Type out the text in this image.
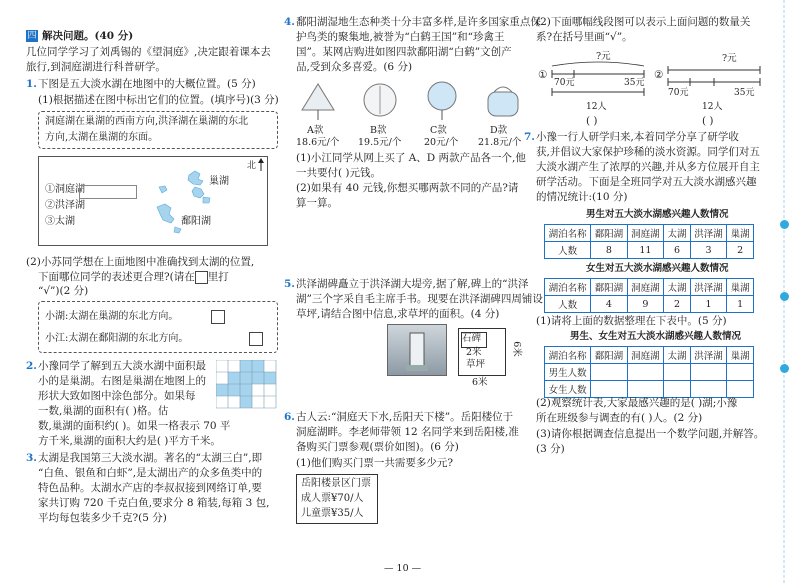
四 解决问题。(40 分)
几位同学学习了刘禹锡的《望洞庭》,决定跟着课本去
旅行,到洞庭湖进行科普研学。
1. 下图是五大淡水湖在地图中的大概位置。(5 分)
(1)根据描述在图中标出它们的位置。(填序号)(3 分)
洞庭湖在巢湖的西南方向,洪泽湖在巢湖的东北
方向,太湖在巢湖的东面。
北
巢湖
鄱阳湖
①洞庭湖
②洪泽湖
③太湖
(2)小苏同学想在上面地图中准确找到太湖的位置,
下面哪位同学的表述更合理?(请在 里打
“√”)(2 分)
小湖:太湖在巢湖的东北方向。
小江:太湖在鄱阳湖的东北方向。
2. 小豫同学了解到五大淡水湖中面积最
小的是巢湖。右图是巢湖在地图上的
形状大致如图中涂色部分。如果每
一数,巢湖的面积有( )格。估
数,巢湖的面积约( )。如果一格表示 70 平
方千米,巢湖的面积大约是( )平方千米。
3. 太湖是我国第三大淡水湖。著名的“太湖三白”,即
“白鱼、银鱼和白虾”,是太湖出产的众多鱼类中的
特色品种。太湖水产店的李叔叔接到网络订单,要
家共订购 720 千克白鱼,要求分 8 箱装,每箱 3 包,
平均每包装多少千克?(5 分)
4. 鄱阳湖湿地生态种类十分丰富多样,是许多国家重点保
护鸟类的聚集地,被誉为“白鹤王国”和“珍禽王
国”。某网店购进如图四款鄱阳湖“白鹤”文创产
品,受到众多喜爱。(6 分)
A款
18.6元/个
B款
19.5元/个
C款
20元/个
D款
21.8元/个
(1)小江同学从网上买了 A、D 两款产品各一个,他
一共要付( )元钱。
(2)如果有 40 元钱,你想买哪两款不同的产品?请
算一算。
5. 洪泽湖碑矗立于洪泽湖大堤旁,据了解,碑上的“洪泽
湖”三个字采自毛主席手书。现要在洪泽湖碑四周铺设
草坪,请结合图中信息,求草坪的面积。(4 分)
石碑
2米
草坪
6米
6米
6. 古人云:“洞庭天下水,岳阳天下楼”。岳阳楼位于
洞庭湖畔。李老师带领 12 名同学来到岳阳楼,准
备购买门票参观(票价如图)。(6 分)
(1)他们购买门票一共需要多少元?
岳阳楼景区门票
成人票¥70/人
儿童票¥35/人
(2)下面哪幅线段图可以表示上面问题的数量关
系?在括号里画“√”。
①
?元
70元	35元
12人
( )
②
?元
70元	35元
12人
( )
7. 小豫一行人研学归来,本着同学分享了研学收
获,并倡议大家保护珍稀的淡水资源。同学们对五
大淡水湖产生了浓厚的兴趣,并从多方位展开自主
研学活动。下面是全班同学对五大淡水湖感兴趣
的情况统计:(10 分)
男生对五大淡水湖感兴趣人数情况
湖泊名称	鄱阳湖	洞庭湖	太湖	洪泽湖	巢湖
人数	8	11	6	3	2
女生对五大淡水湖感兴趣人数情况
湖泊名称	鄱阳湖	洞庭湖	太湖	洪泽湖	巢湖
人数	4	9	2	1	1
(1)请将上面的数据整理在下表中。(5 分)
男生、女生对五大淡水湖感兴趣人数情况
湖泊名称	鄱阳湖	洞庭湖	太湖	洪泽湖	巢湖
男生人数					
女生人数					
(2)观察统计表,大家最感兴趣的是( )湖;小豫
所在班级参与调查的有( )人。(2 分)
(3)请你根据调查信息提出一个数学问题,并解答。
(3 分)
— 10 —
